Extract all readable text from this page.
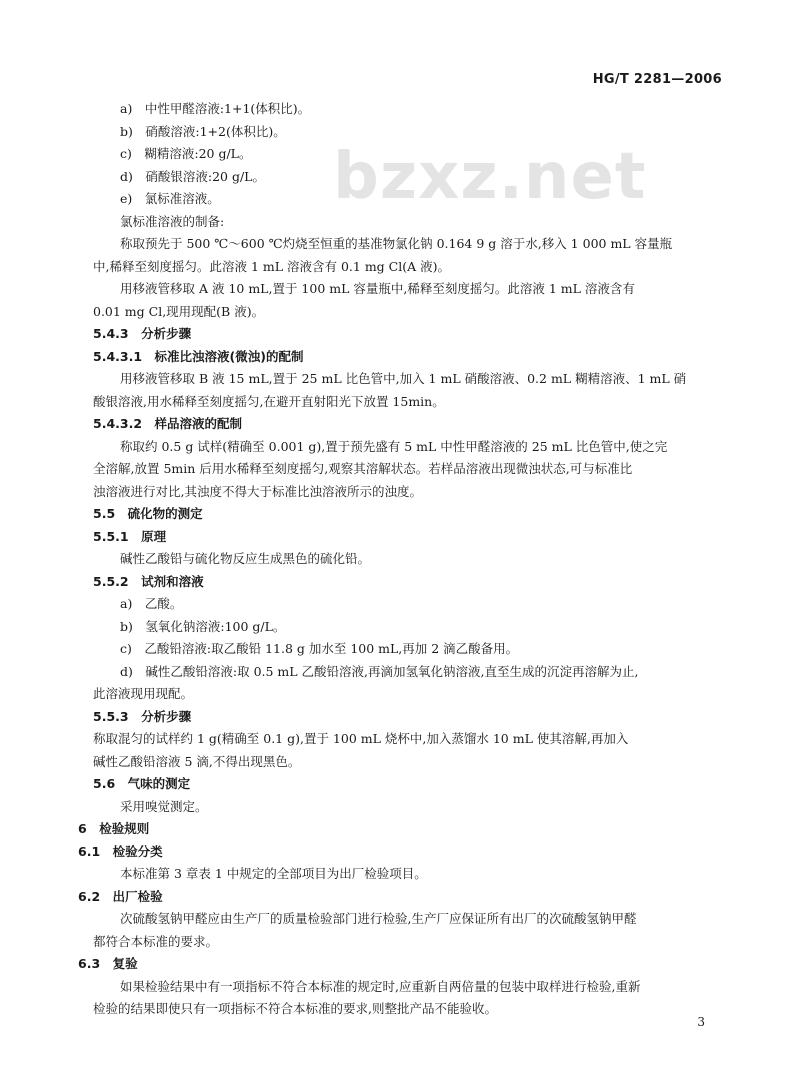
HG/T 2281—2006
bzxz.net
a)　中性甲醛溶液:1+1(体积比)。
b)　硝酸溶液:1+2(体积比)。
c)　糊精溶液:20 g/L。
d)　硝酸银溶液:20 g/L。
e)　氯标准溶液。
氯标准溶液的制备:
称取预先于 500 ℃～600 ℃灼烧至恒重的基准物氯化钠 0.164 9 g 溶于水,移入 1 000 mL 容量瓶
中,稀释至刻度摇匀。此溶液 1 mL 溶液含有 0.1 mg Cl(A 液)。
用移液管移取 A 液 10 mL,置于 100 mL 容量瓶中,稀释至刻度摇匀。此溶液 1 mL 溶液含有
0.01 mg Cl,现用现配(B 液)。
5.4.3　分析步骤
5.4.3.1　标准比浊溶液(微浊)的配制
用移液管移取 B 液 15 mL,置于 25 mL 比色管中,加入 1 mL 硝酸溶液、0.2 mL 糊精溶液、1 mL 硝
酸银溶液,用水稀释至刻度摇匀,在避开直射阳光下放置 15min。
5.4.3.2　样品溶液的配制
称取约 0.5 g 试样(精确至 0.001 g),置于预先盛有 5 mL 中性甲醛溶液的 25 mL 比色管中,使之完
全溶解,放置 5min 后用水稀释至刻度摇匀,观察其溶解状态。若样品溶液出现微浊状态,可与标准比
浊溶液进行对比,其浊度不得大于标准比浊溶液所示的浊度。
5.5　硫化物的测定
5.5.1　原理
碱性乙酸铅与硫化物反应生成黑色的硫化铅。
5.5.2　试剂和溶液
a)　乙酸。
b)　氢氧化钠溶液:100 g/L。
c)　乙酸铅溶液:取乙酸铅 11.8 g 加水至 100 mL,再加 2 滴乙酸备用。
d)　碱性乙酸铅溶液:取 0.5 mL 乙酸铅溶液,再滴加氢氧化钠溶液,直至生成的沉淀再溶解为止,
此溶液现用现配。
5.5.3　分析步骤
称取混匀的试样约 1 g(精确至 0.1 g),置于 100 mL 烧杯中,加入蒸馏水 10 mL 使其溶解,再加入
碱性乙酸铅溶液 5 滴,不得出现黑色。
5.6　气味的测定
采用嗅觉测定。
6　检验规则
6.1　检验分类
本标准第 3 章表 1 中规定的全部项目为出厂检验项目。
6.2　出厂检验
次硫酸氢钠甲醛应由生产厂的质量检验部门进行检验,生产厂应保证所有出厂的次硫酸氢钠甲醛
都符合本标准的要求。
6.3　复验
如果检验结果中有一项指标不符合本标准的规定时,应重新自两倍量的包装中取样进行检验,重新
检验的结果即使只有一项指标不符合本标准的要求,则整批产品不能验收。
3
